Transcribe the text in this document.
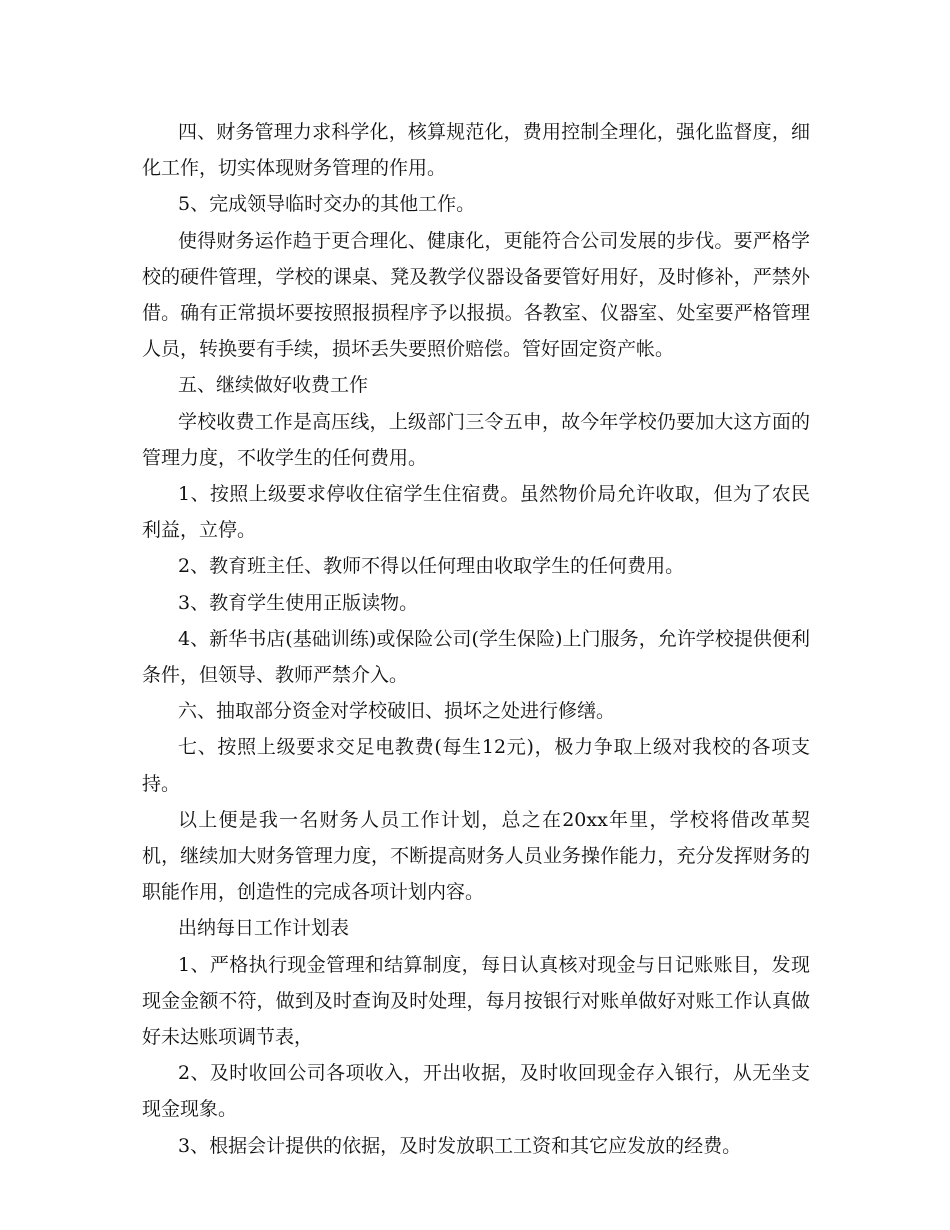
四、财务管理力求科学化，核算规范化，费用控制全理化，强化监督度，细化工作，切实体现财务管理的作用。

5、完成领导临时交办的其他工作。

使得财务运作趋于更合理化、健康化，更能符合公司发展的步伐。要严格学校的硬件管理，学校的课桌、凳及教学仪器设备要管好用好，及时修补，严禁外借。确有正常损坏要按照报损程序予以报损。各教室、仪器室、处室要严格管理人员，转换要有手续，损坏丢失要照价赔偿。管好固定资产帐。

五、继续做好收费工作

学校收费工作是高压线，上级部门三令五申，故今年学校仍要加大这方面的管理力度，不收学生的任何费用。

1、按照上级要求停收住宿学生住宿费。虽然物价局允许收取，但为了农民利益，立停。

2、教育班主任、教师不得以任何理由收取学生的任何费用。

3、教育学生使用正版读物。

4、新华书店(基础训练)或保险公司(学生保险)上门服务，允许学校提供便利条件，但领导、教师严禁介入。

六、抽取部分资金对学校破旧、损坏之处进行修缮。

七、按照上级要求交足电教费(每生12元)，极力争取上级对我校的各项支持。

以上便是我一名财务人员工作计划，总之在20xx年里，学校将借改革契机，继续加大财务管理力度，不断提高财务人员业务操作能力，充分发挥财务的职能作用，创造性的完成各项计划内容。

出纳每日工作计划表

1、严格执行现金管理和结算制度，每日认真核对现金与日记账账目，发现现金金额不符，做到及时查询及时处理，每月按银行对账单做好对账工作认真做好未达账项调节表，

2、及时收回公司各项收入，开出收据，及时收回现金存入银行，从无坐支现金现象。

3、根据会计提供的依据，及时发放职工工资和其它应发放的经费。
